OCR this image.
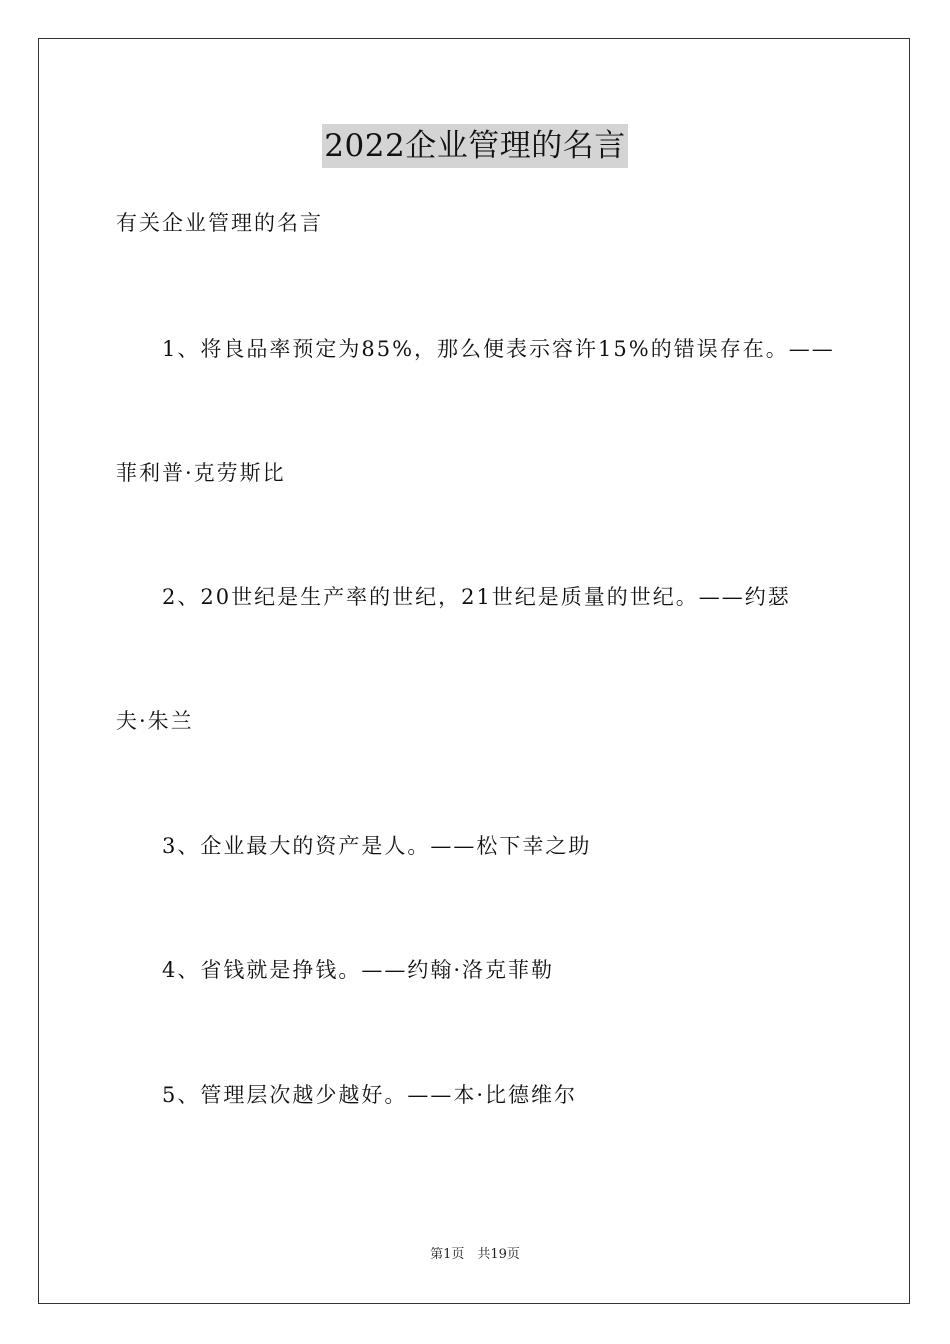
2022企业管理的名言
有关企业管理的名言
1、将良品率预定为85%，那么便表示容许15%的错误存在。——
菲利普·克劳斯比
2、20世纪是生产率的世纪，21世纪是质量的世纪。——约瑟
夫·朱兰
3、企业最大的资产是人。——松下幸之助
4、省钱就是挣钱。——约翰·洛克菲勒
5、管理层次越少越好。——本·比德维尔
第1页　共19页
